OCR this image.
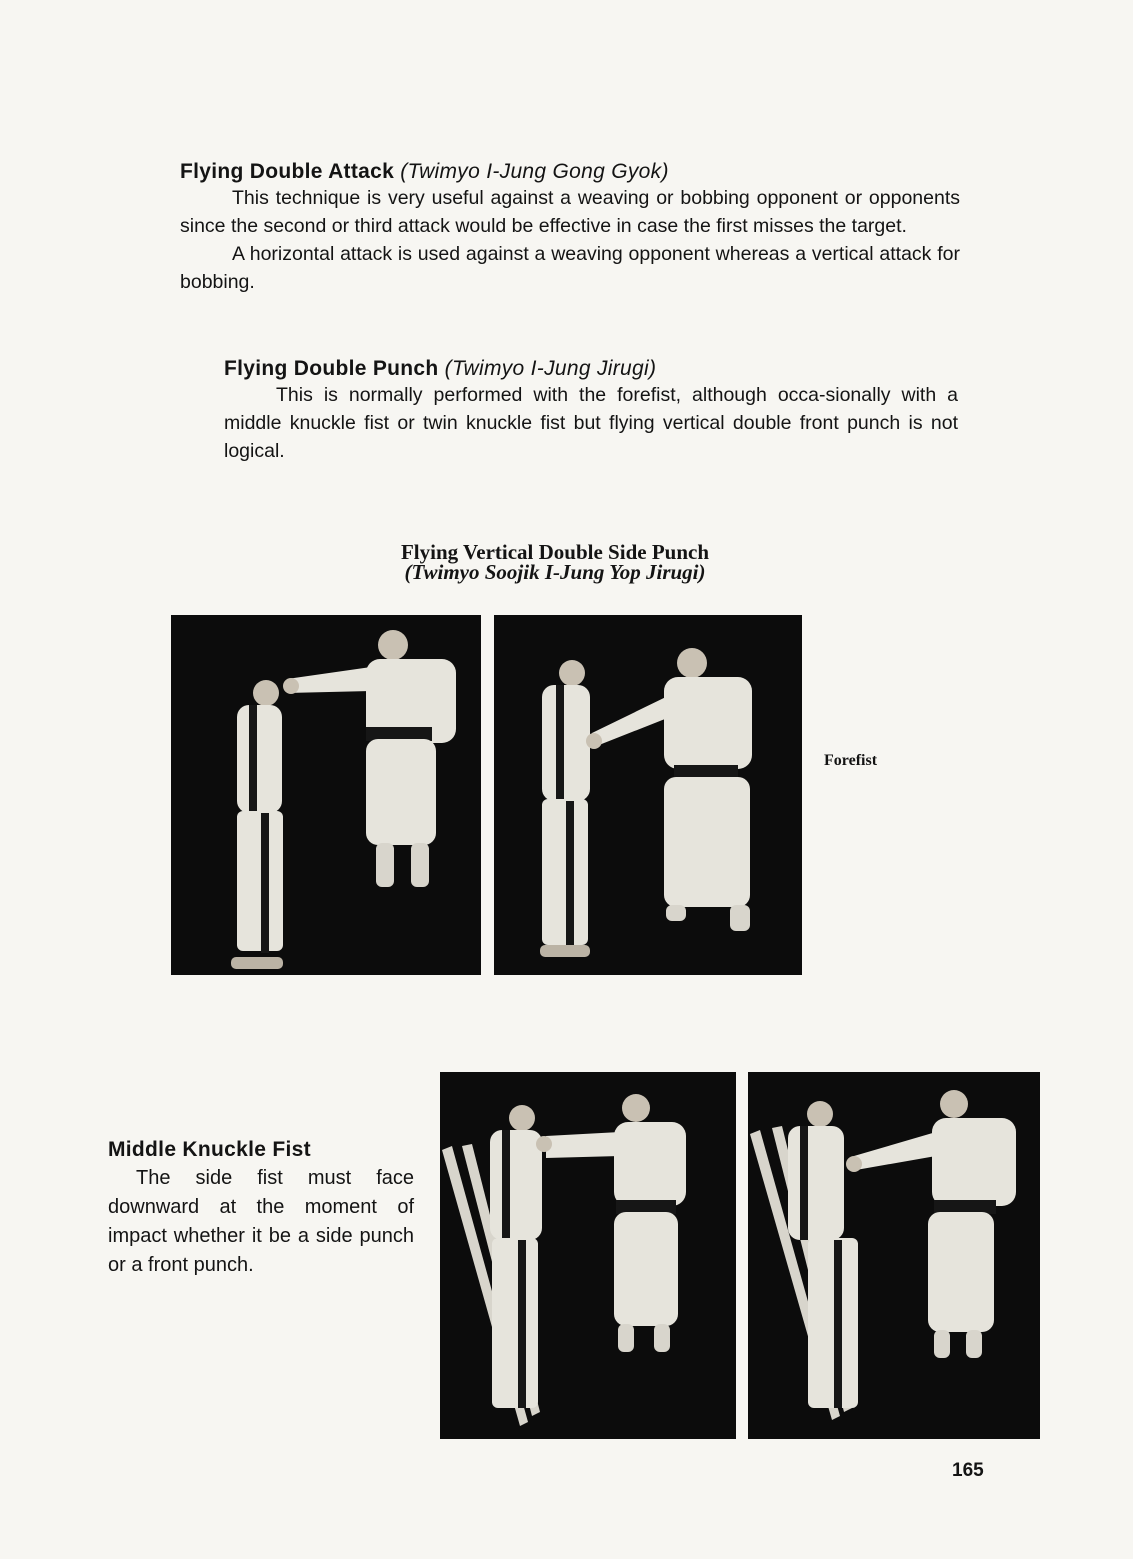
Flying Double Attack (Twimyo I-Jung Gong Gyok)

This technique is very useful against a weaving or bobbing opponent or opponents since the second or third attack would be effective in case the first misses the target.

A horizontal attack is used against a weaving opponent whereas a vertical attack for bobbing.

Flying Double Punch (Twimyo I-Jung Jirugi)

This is normally performed with the forefist, although occa-sionally with a middle knuckle fist or twin knuckle fist but flying vertical double front punch is not logical.

Flying Vertical Double Side Punch
(Twimyo Soojik I-Jung Yop Jirugi)
Forefist

Middle Knuckle Fist

The side fist must face downward at the moment of impact whether it be a side punch or a front punch.

165
